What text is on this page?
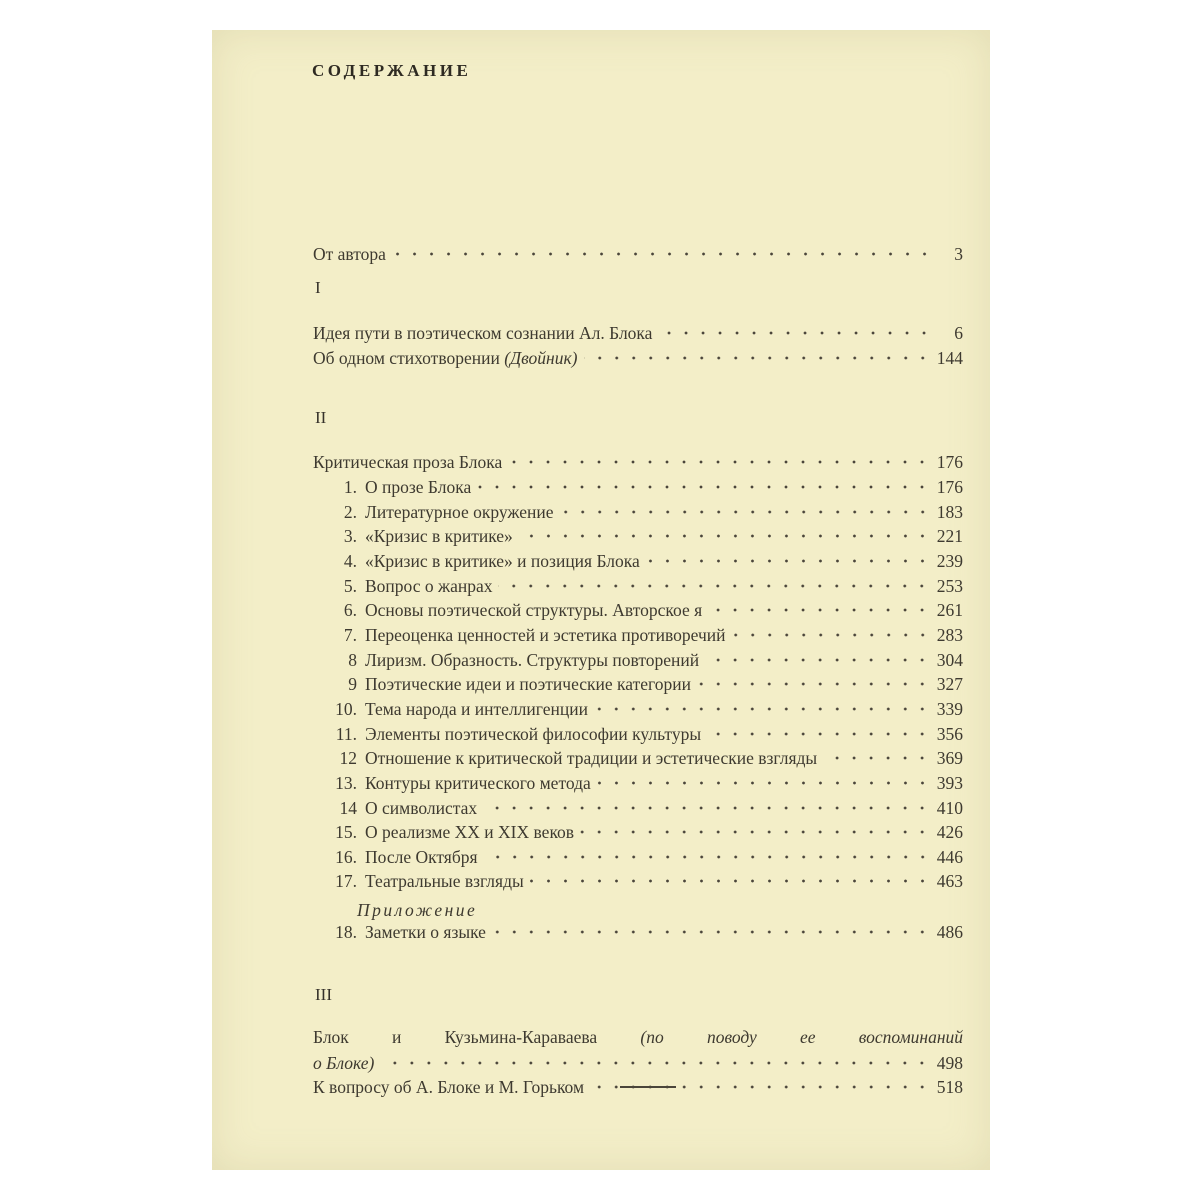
СОДЕРЖАНИЕ
От автора	3
I
Идея пути в поэтическом сознании Ал. Блока	6
Об одном стихотворении (Двойник)	144
II
Критическая проза Блока	176
1. О прозе Блока	176
2. Литературное окружение	183
3. «Кризис в критике»	221
4. «Кризис в критике» и позиция Блока	239
5. Вопрос о жанрах	253
6. Основы поэтической структуры. Авторское я	261
7. Переоценка ценностей и эстетика противоречий	283
8 Лиризм. Образность. Структуры повторений	304
9 Поэтические идеи и поэтические категории	327
10. Тема народа и интеллигенции	339
11. Элементы поэтической философии культуры	356
12 Отношение к критической традиции и эстетические взгляды	369
13. Контуры критического метода	393
14 О символистах	410
15. О реализме XX и XIX веков	426
16. После Октября	446
17. Театральные взгляды	463
Приложение
18. Заметки о языке	486
III
Блок и Кузьмина-Караваева (по поводу ее воспоминаний
о Блоке)	498
К вопросу об А. Блоке и М. Горьком	518
